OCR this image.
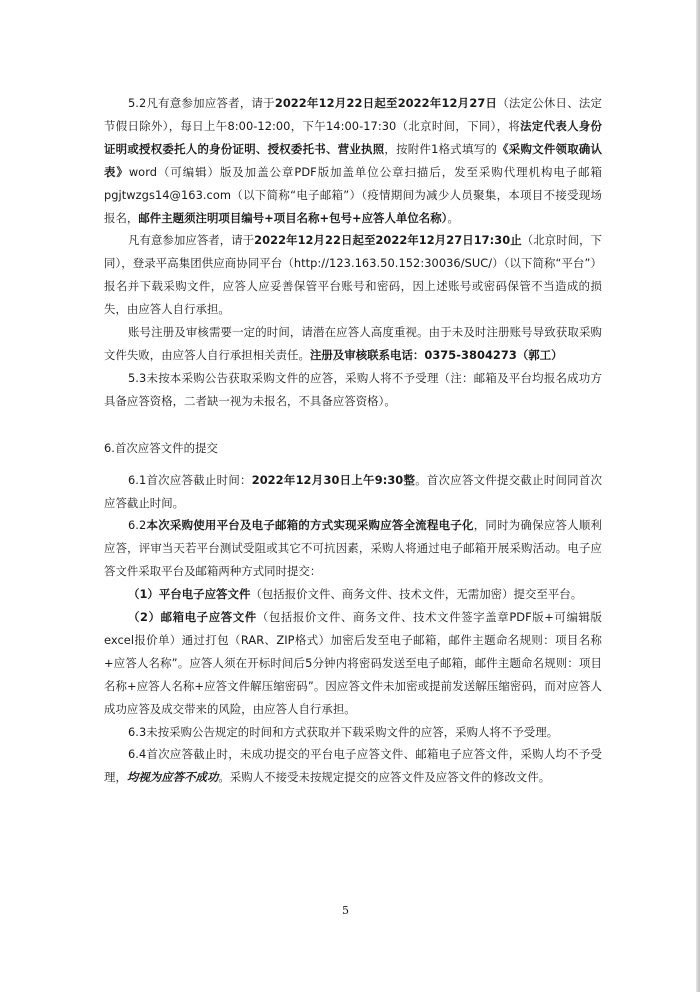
5.2凡有意参加应答者，请于2022年12月22日起至2022年12月27日（法定公休日、法定节假日除外），每日上午8:00-12:00，下午14:00-17:30（北京时间，下同），将法定代表人身份证明或授权委托人的身份证明、授权委托书、营业执照，按附件1格式填写的《采购文件领取确认表》word（可编辑）版及加盖公章PDF版加盖单位公章扫描后，发至采购代理机构电子邮箱pgjtwzgs14@163.com（以下简称“电子邮箱”）（疫情期间为减少人员聚集，本项目不接受现场报名，邮件主题须注明项目编号+项目名称+包号+应答人单位名称）。

凡有意参加应答者，请于2022年12月22日起至2022年12月27日17:30止（北京时间，下同），登录平高集团供应商协同平台（http://123.163.50.152:30036/SUC/）（以下简称“平台”）报名并下载采购文件，应答人应妥善保管平台账号和密码，因上述账号或密码保管不当造成的损失，由应答人自行承担。

账号注册及审核需要一定的时间，请潜在应答人高度重视。由于未及时注册账号导致获取采购文件失败，由应答人自行承担相关责任。注册及审核联系电话：0375-3804273（郭工）

5.3未按本采购公告获取采购文件的应答，采购人将不予受理（注：邮箱及平台均报名成功方具备应答资格，二者缺一视为未报名，不具备应答资格）。

6.首次应答文件的提交

6.1首次应答截止时间：2022年12月30日上午9:30整。首次应答文件提交截止时间同首次应答截止时间。

6.2本次采购使用平台及电子邮箱的方式实现采购应答全流程电子化，同时为确保应答人顺利应答，评审当天若平台测试受阻或其它不可抗因素，采购人将通过电子邮箱开展采购活动。电子应答文件采取平台及邮箱两种方式同时提交：

（1）平台电子应答文件（包括报价文件、商务文件、技术文件，无需加密）提交至平台。

（2）邮箱电子应答文件（包括报价文件、商务文件、技术文件签字盖章PDF版+可编辑版excel报价单）通过打包（RAR、ZIP格式）加密后发至电子邮箱，邮件主题命名规则：项目名称+应答人名称”。应答人须在开标时间后5分钟内将密码发送至电子邮箱，邮件主题命名规则：项目名称+应答人名称+应答文件解压缩密码”。因应答文件未加密或提前发送解压缩密码，而对应答人成功应答及成交带来的风险，由应答人自行承担。

6.3未按采购公告规定的时间和方式获取并下载采购文件的应答，采购人将不予受理。

6.4首次应答截止时，未成功提交的平台电子应答文件、邮箱电子应答文件，采购人均不予受理，均视为应答不成功。采购人不接受未按规定提交的应答文件及应答文件的修改文件。

5
